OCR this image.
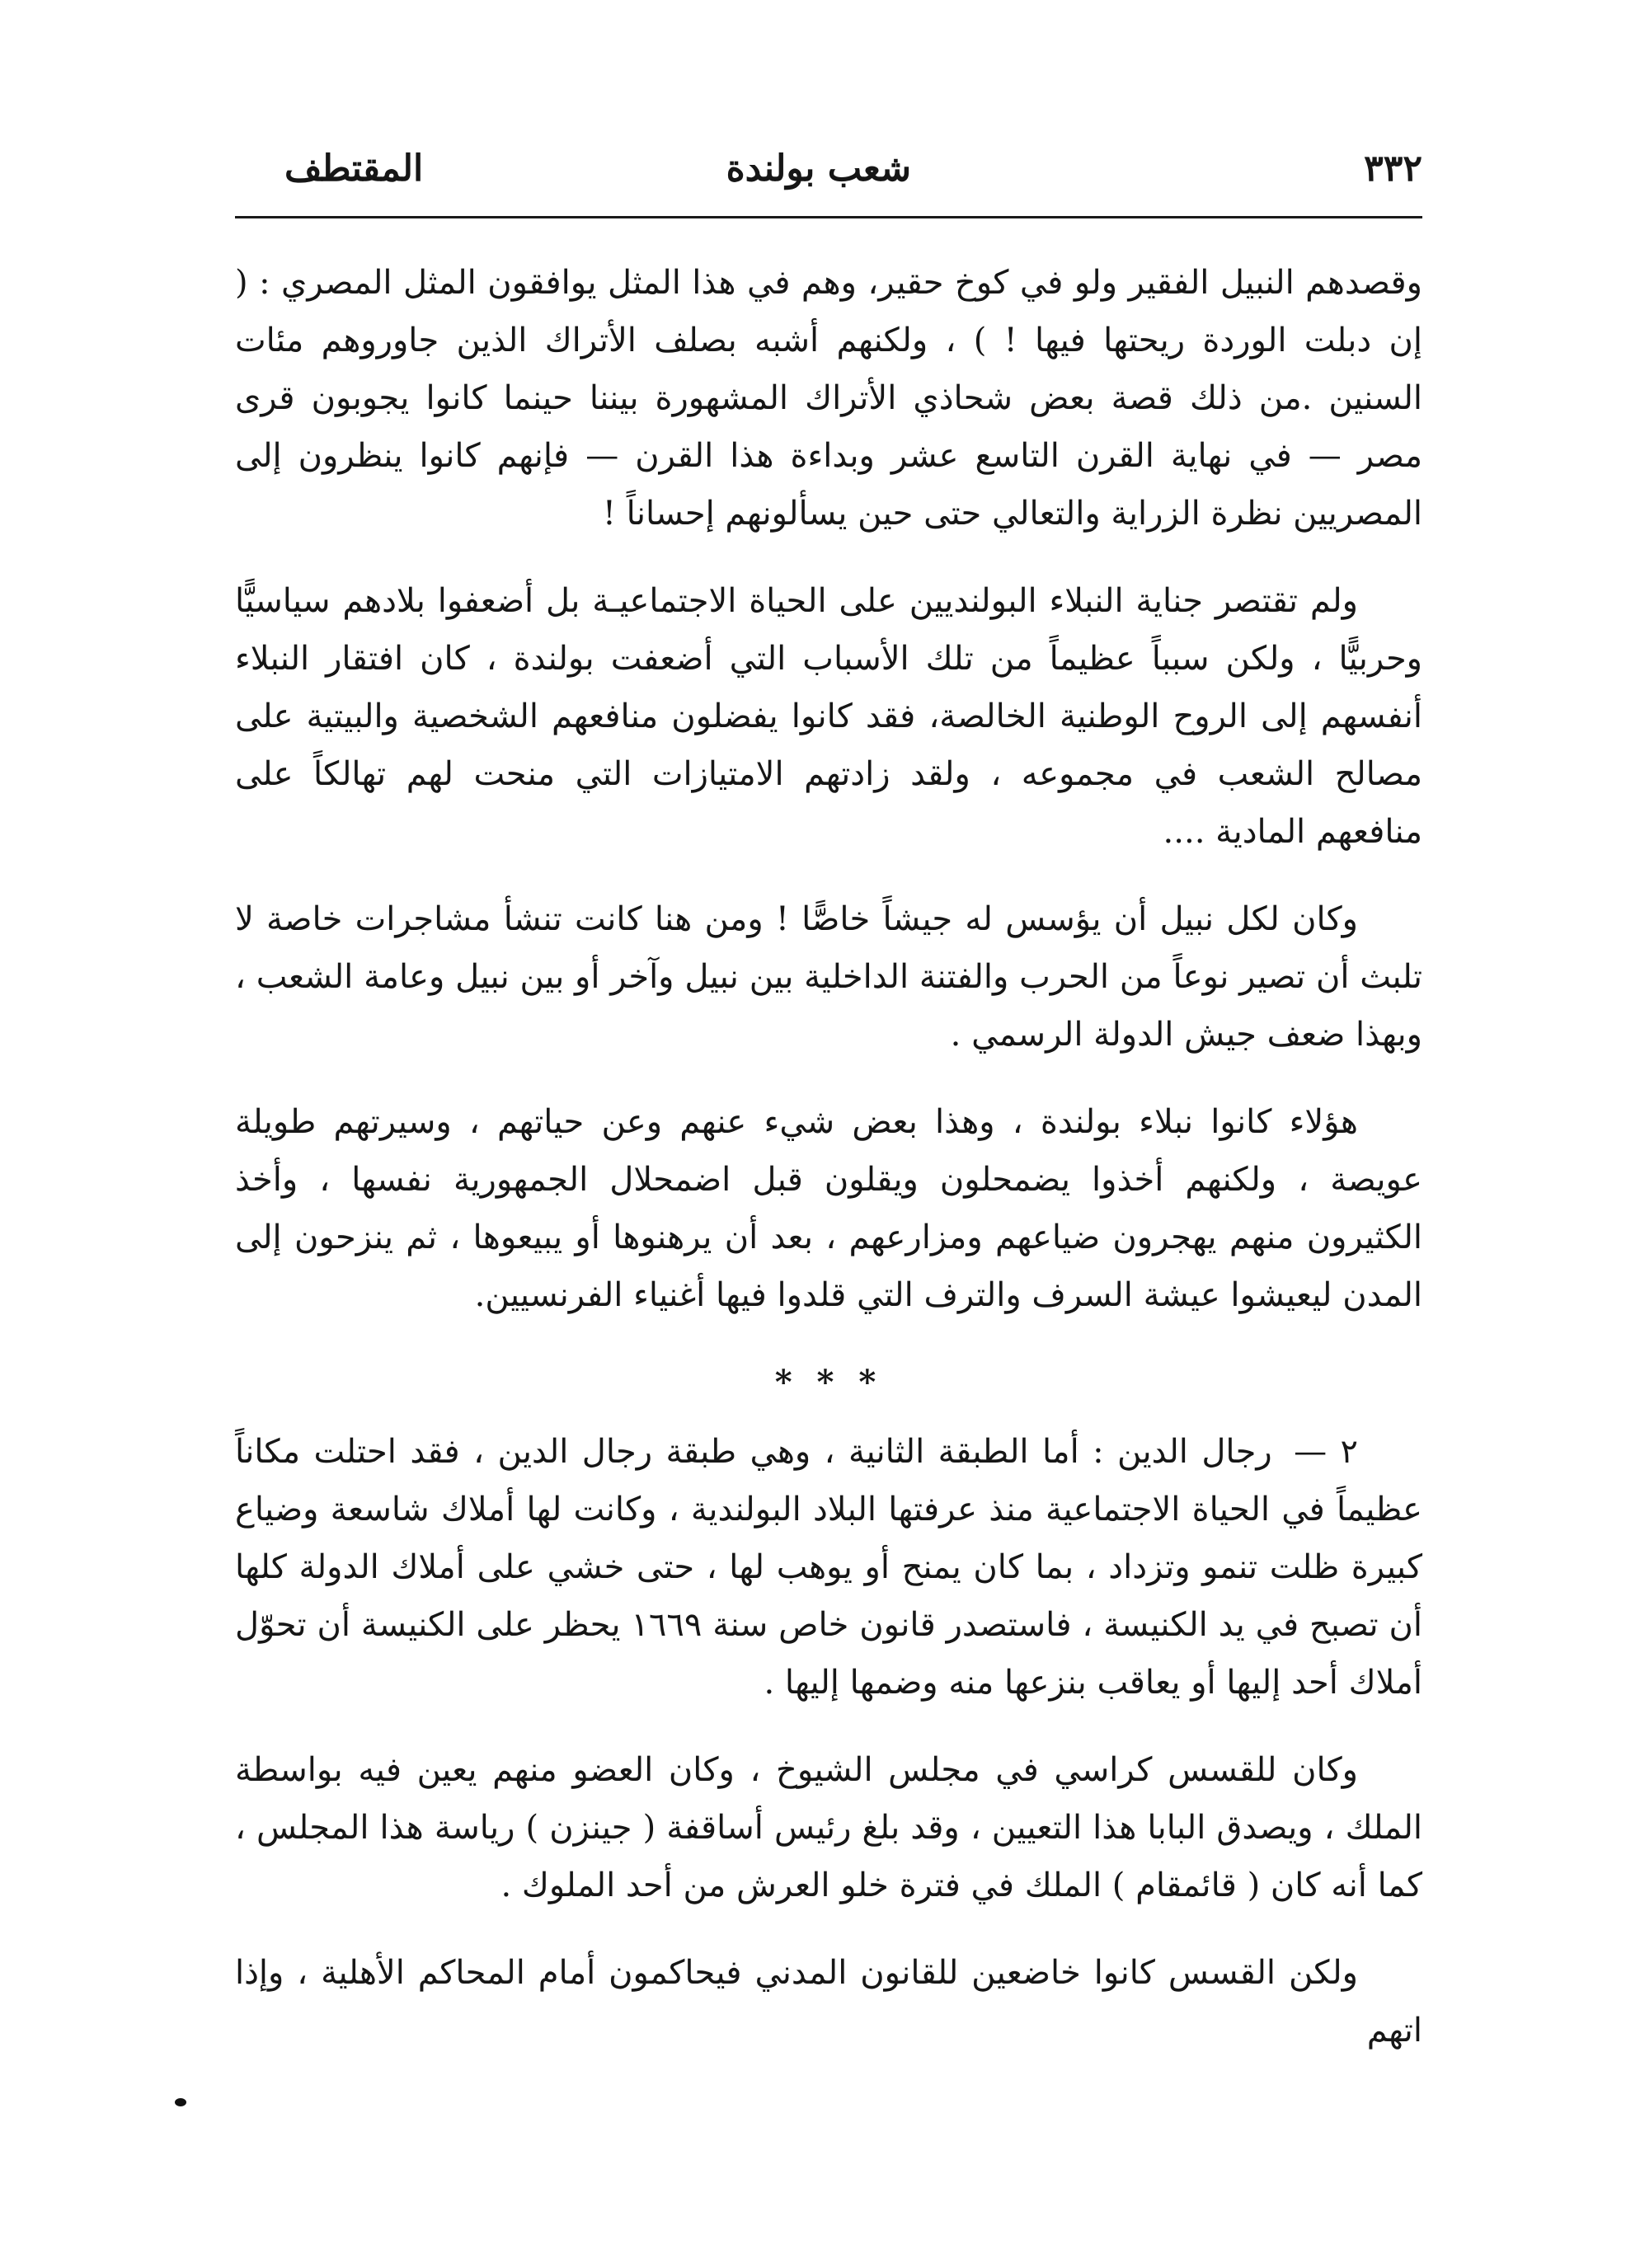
٣٣٢
شعب بولندة
المقتطف

وقصدهم النبيل الفقير ولو في كوخ حقير، وهم في هذا المثل يوافقون المثل المصري : ( إن دبلت الوردة ريحتها فيها ! ) ، ولكنهم أشبه بصلف الأتراك الذين جاوروهم مئات السنين .من ذلك قصة بعض شحاذي الأتراك المشهورة بيننا حينما كانوا يجوبون قرى مصر — في نهاية القرن التاسع عشر وبداءة هذا القرن — فإنهم كانوا ينظرون إلى المصريين نظرة الزراية والتعالي حتى حين يسألونهم إحساناً !

ولم تقتصر جناية النبلاء البولنديين على الحياة الاجتماعيـة بل أضعفوا بلادهم سياسيًّا وحربيًّا ، ولكن سبباً عظيماً من تلك الأسباب التي أضعفت بولندة ، كان افتقار النبلاء أنفسهم إلى الروح الوطنية الخالصة، فقد كانوا يفضلون منافعهم الشخصية والبيتية على مصالح الشعب في مجموعه ، ولقد زادتهم الامتيازات التي منحت لهم تهالكاً على منافعهم المادية ....

وكان لكل نبيل أن يؤسس له جيشاً خاصًّا ! ومن هنا كانت تنشأ مشاجرات خاصة لا تلبث أن تصير نوعاً من الحرب والفتنة الداخلية بين نبيل وآخر أو بين نبيل وعامة الشعب ، وبهذا ضعف جيش الدولة الرسمي .

هؤلاء كانوا نبلاء بولندة ، وهذا بعض شيء عنهم وعن حياتهم ، وسيرتهم طويلة عويصة ، ولكنهم أخذوا يضمحلون ويقلون قبل اضمحلال الجمهورية نفسها ، وأخذ الكثيرون منهم يهجرون ضياعهم ومزارعهم ، بعد أن يرهنوها أو يبيعوها ، ثم ينزحون إلى المدن ليعيشوا عيشة السرف والترف التي قلدوا فيها أغنياء الفرنسيين.

* * *

٢ — رجال الدين : أما الطبقة الثانية ، وهي طبقة رجال الدين ، فقد احتلت مكاناً عظيماً في الحياة الاجتماعية منذ عرفتها البلاد البولندية ، وكانت لها أملاك شاسعة وضياع كبيرة ظلت تنمو وتزداد ، بما كان يمنح أو يوهب لها ، حتى خشي على أملاك الدولة كلها أن تصبح في يد الكنيسة ، فاستصدر قانون خاص سنة ١٦٦٩ يحظر على الكنيسة أن تحوّل أملاك أحد إليها أو يعاقب بنزعها منه وضمها إليها .

وكان للقسس كراسي في مجلس الشيوخ ، وكان العضو منهم يعين فيه بواسطة الملك ، ويصدق البابا هذا التعيين ، وقد بلغ رئيس أساقفة ( جينزن ) رياسة هذا المجلس ، كما أنه كان ( قائمقام ) الملك في فترة خلو العرش من أحد الملوك .

ولكن القسس كانوا خاضعين للقانون المدني فيحاكمون أمام المحاكم الأهلية ، وإذا اتهم
